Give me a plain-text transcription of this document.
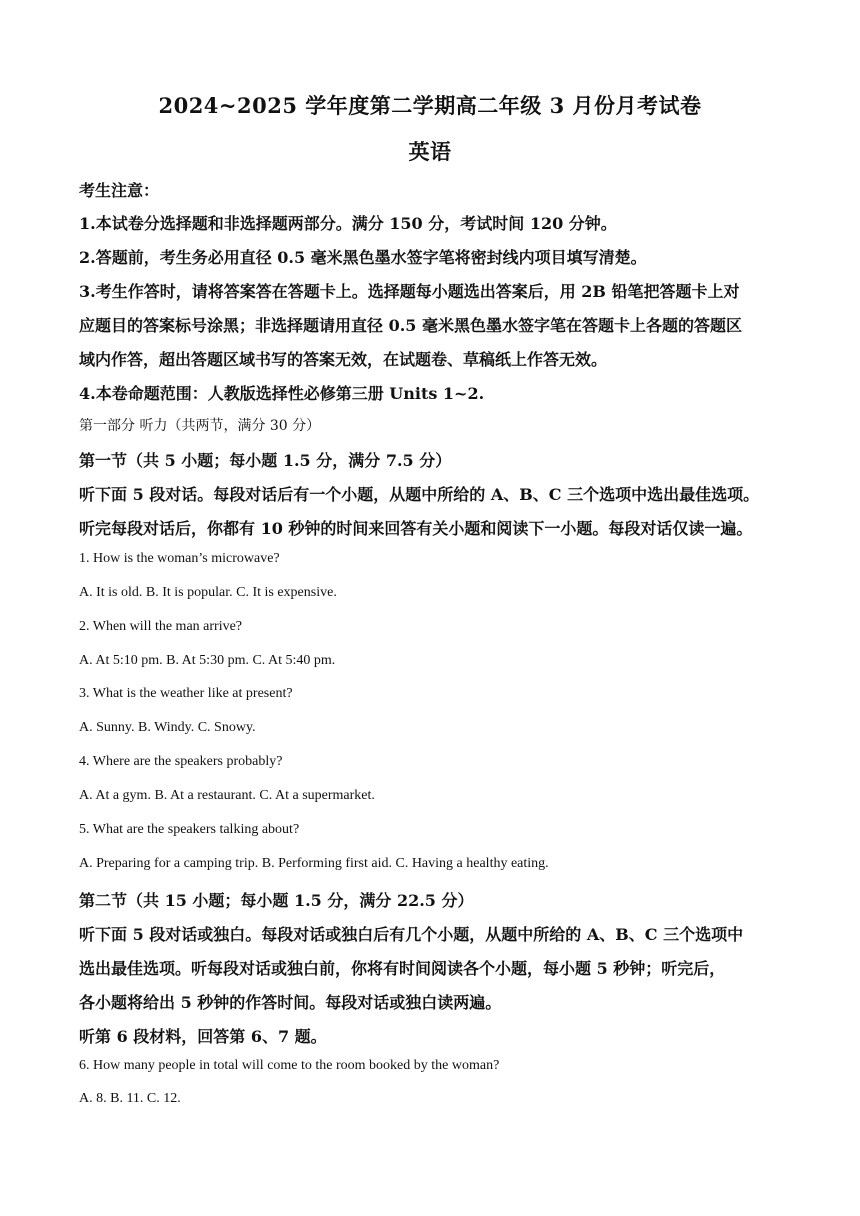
2024~2025 学年度第二学期高二年级 3 月份月考试卷
英语
考生注意：
1.本试卷分选择题和非选择题两部分。满分 150 分，考试时间 120 分钟。
2.答题前，考生务必用直径 0.5 毫米黑色墨水签字笔将密封线内项目填写清楚。
3.考生作答时，请将答案答在答题卡上。选择题每小题选出答案后，用 2B 铅笔把答题卡上对
应题目的答案标号涂黑；非选择题请用直径 0.5 毫米黑色墨水签字笔在答题卡上各题的答题区
域内作答，超出答题区域书写的答案无效，在试题卷、草稿纸上作答无效。
4.本卷命题范围：人教版选择性必修第三册 Units 1~2.
第一部分 听力（共两节，满分 30 分）
第一节（共 5 小题；每小题 1.5 分，满分 7.5 分）
听下面 5 段对话。每段对话后有一个小题，从题中所给的 A、B、C 三个选项中选出最佳选项。
听完每段对话后，你都有 10 秒钟的时间来回答有关小题和阅读下一小题。每段对话仅读一遍。
1. How is the woman’s microwave?
A. It is old. B. It is popular. C. It is expensive.
2. When will the man arrive?
A. At 5:10 pm. B. At 5:30 pm. C. At 5:40 pm.
3. What is the weather like at present?
A. Sunny. B. Windy. C. Snowy.
4. Where are the speakers probably?
A. At a gym. B. At a restaurant. C. At a supermarket.
5. What are the speakers talking about?
A. Preparing for a camping trip. B. Performing first aid. C. Having a healthy eating.
第二节（共 15 小题；每小题 1.5 分，满分 22.5 分）
听下面 5 段对话或独白。每段对话或独白后有几个小题，从题中所给的 A、B、C 三个选项中
选出最佳选项。听每段对话或独白前，你将有时间阅读各个小题，每小题 5 秒钟；听完后，
各小题将给出 5 秒钟的作答时间。每段对话或独白读两遍。
听第 6 段材料，回答第 6、7 题。
6. How many people in total will come to the room booked by the woman?
A. 8. B. 11. C. 12.
